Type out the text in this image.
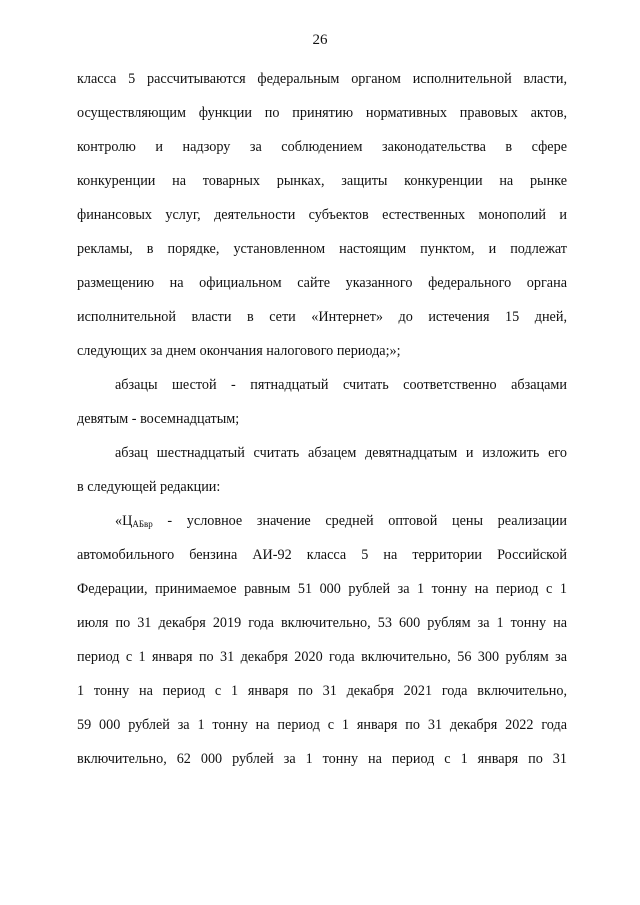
26
класса 5 рассчитываются федеральным органом исполнительной власти,
осуществляющим функции по принятию нормативных правовых актов,
контролю и надзору за соблюдением законодательства в сфере
конкуренции на товарных рынках, защиты конкуренции на рынке
финансовых услуг, деятельности субъектов естественных монополий и
рекламы, в порядке, установленном настоящим пунктом, и подлежат
размещению на официальном сайте указанного федерального органа
исполнительной власти в сети «Интернет» до истечения 15 дней,
следующих за днем окончания налогового периода;»;
абзацы шестой - пятнадцатый считать соответственно абзацами
девятым - восемнадцатым;
абзац шестнадцатый считать абзацем девятнадцатым и изложить его
в следующей редакции:
«$Ц_{АБвр}$ - условное значение средней оптовой цены реализации
автомобильного бензина АИ-92 класса 5 на территории Российской
Федерации, принимаемое равным 51 000 рублей за 1 тонну на период с 1
июля по 31 декабря 2019 года включительно, 53 600 рублям за 1 тонну на
период с 1 января по 31 декабря 2020 года включительно, 56 300 рублям за
1 тонну на период с 1 января по 31 декабря 2021 года включительно,
59 000 рублей за 1 тонну на период с 1 января по 31 декабря 2022 года
включительно, 62 000 рублей за 1 тонну на период с 1 января по 31
